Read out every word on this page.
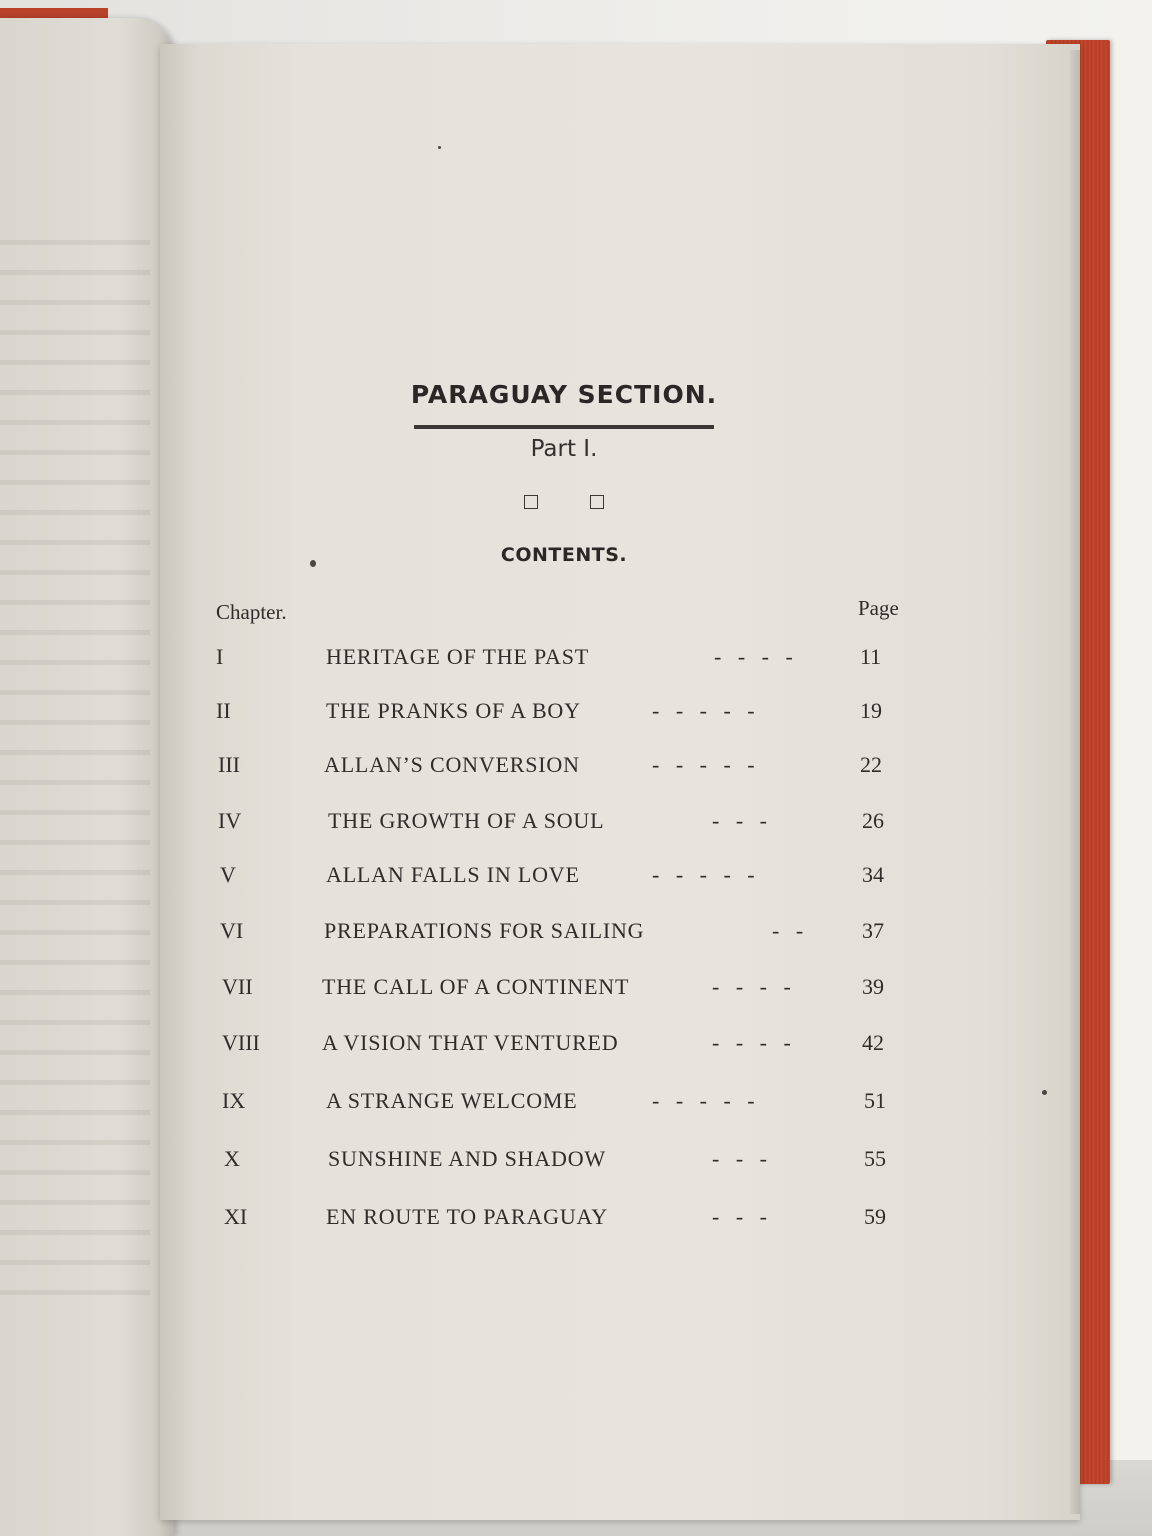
PARAGUAY SECTION.
Part I.
CONTENTS.
Chapter.	Page
I	HERITAGE OF THE PAST	-   -   -   -	11
II	THE PRANKS OF A BOY	-   -   -   -   -	19
III	ALLAN’S CONVERSION	-   -   -   -   -	22
IV	THE GROWTH OF A SOUL	-   -   -	26
V	ALLAN FALLS IN LOVE	-   -   -   -   -	34
VI	PREPARATIONS FOR SAILING	-   -	37
VII	THE CALL OF A CONTINENT	-   -   -   -	39
VIII	A VISION THAT VENTURED	-   -   -   -	42
IX	A STRANGE WELCOME	-   -   -   -   -	51
X	SUNSHINE AND SHADOW	-   -   -	55
XI	EN ROUTE TO PARAGUAY	-   -   -	59
